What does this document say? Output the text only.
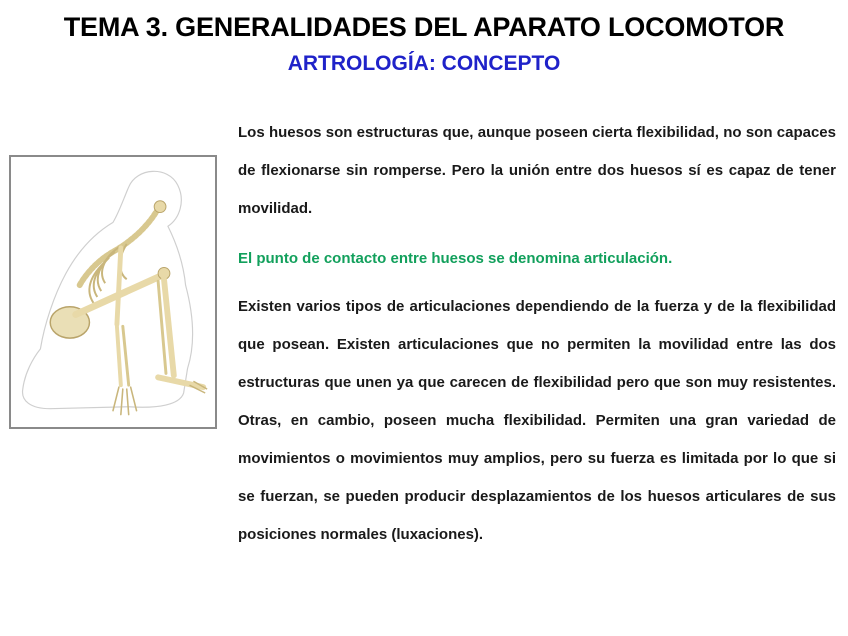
TEMA 3. GENERALIDADES DEL APARATO LOCOMOTOR
ARTROLOGÍA: CONCEPTO

Los huesos son estructuras que, aunque poseen cierta flexibilidad, no son capaces de flexionarse sin romperse. Pero la unión entre dos huesos sí es capaz de tener movilidad.

El punto de contacto entre huesos se denomina articulación.

Existen varios tipos de articulaciones dependiendo de la fuerza y de la flexibilidad que posean. Existen articulaciones que no permiten la movilidad entre las dos estructuras que unen ya que carecen de flexibilidad pero que son muy resistentes. Otras, en cambio, poseen mucha flexibilidad. Permiten una gran variedad de movimientos o movimientos muy amplios, pero su fuerza es limitada por lo que si se fuerzan, se pueden producir desplazamientos de los huesos articulares de sus posiciones normales (luxaciones).
